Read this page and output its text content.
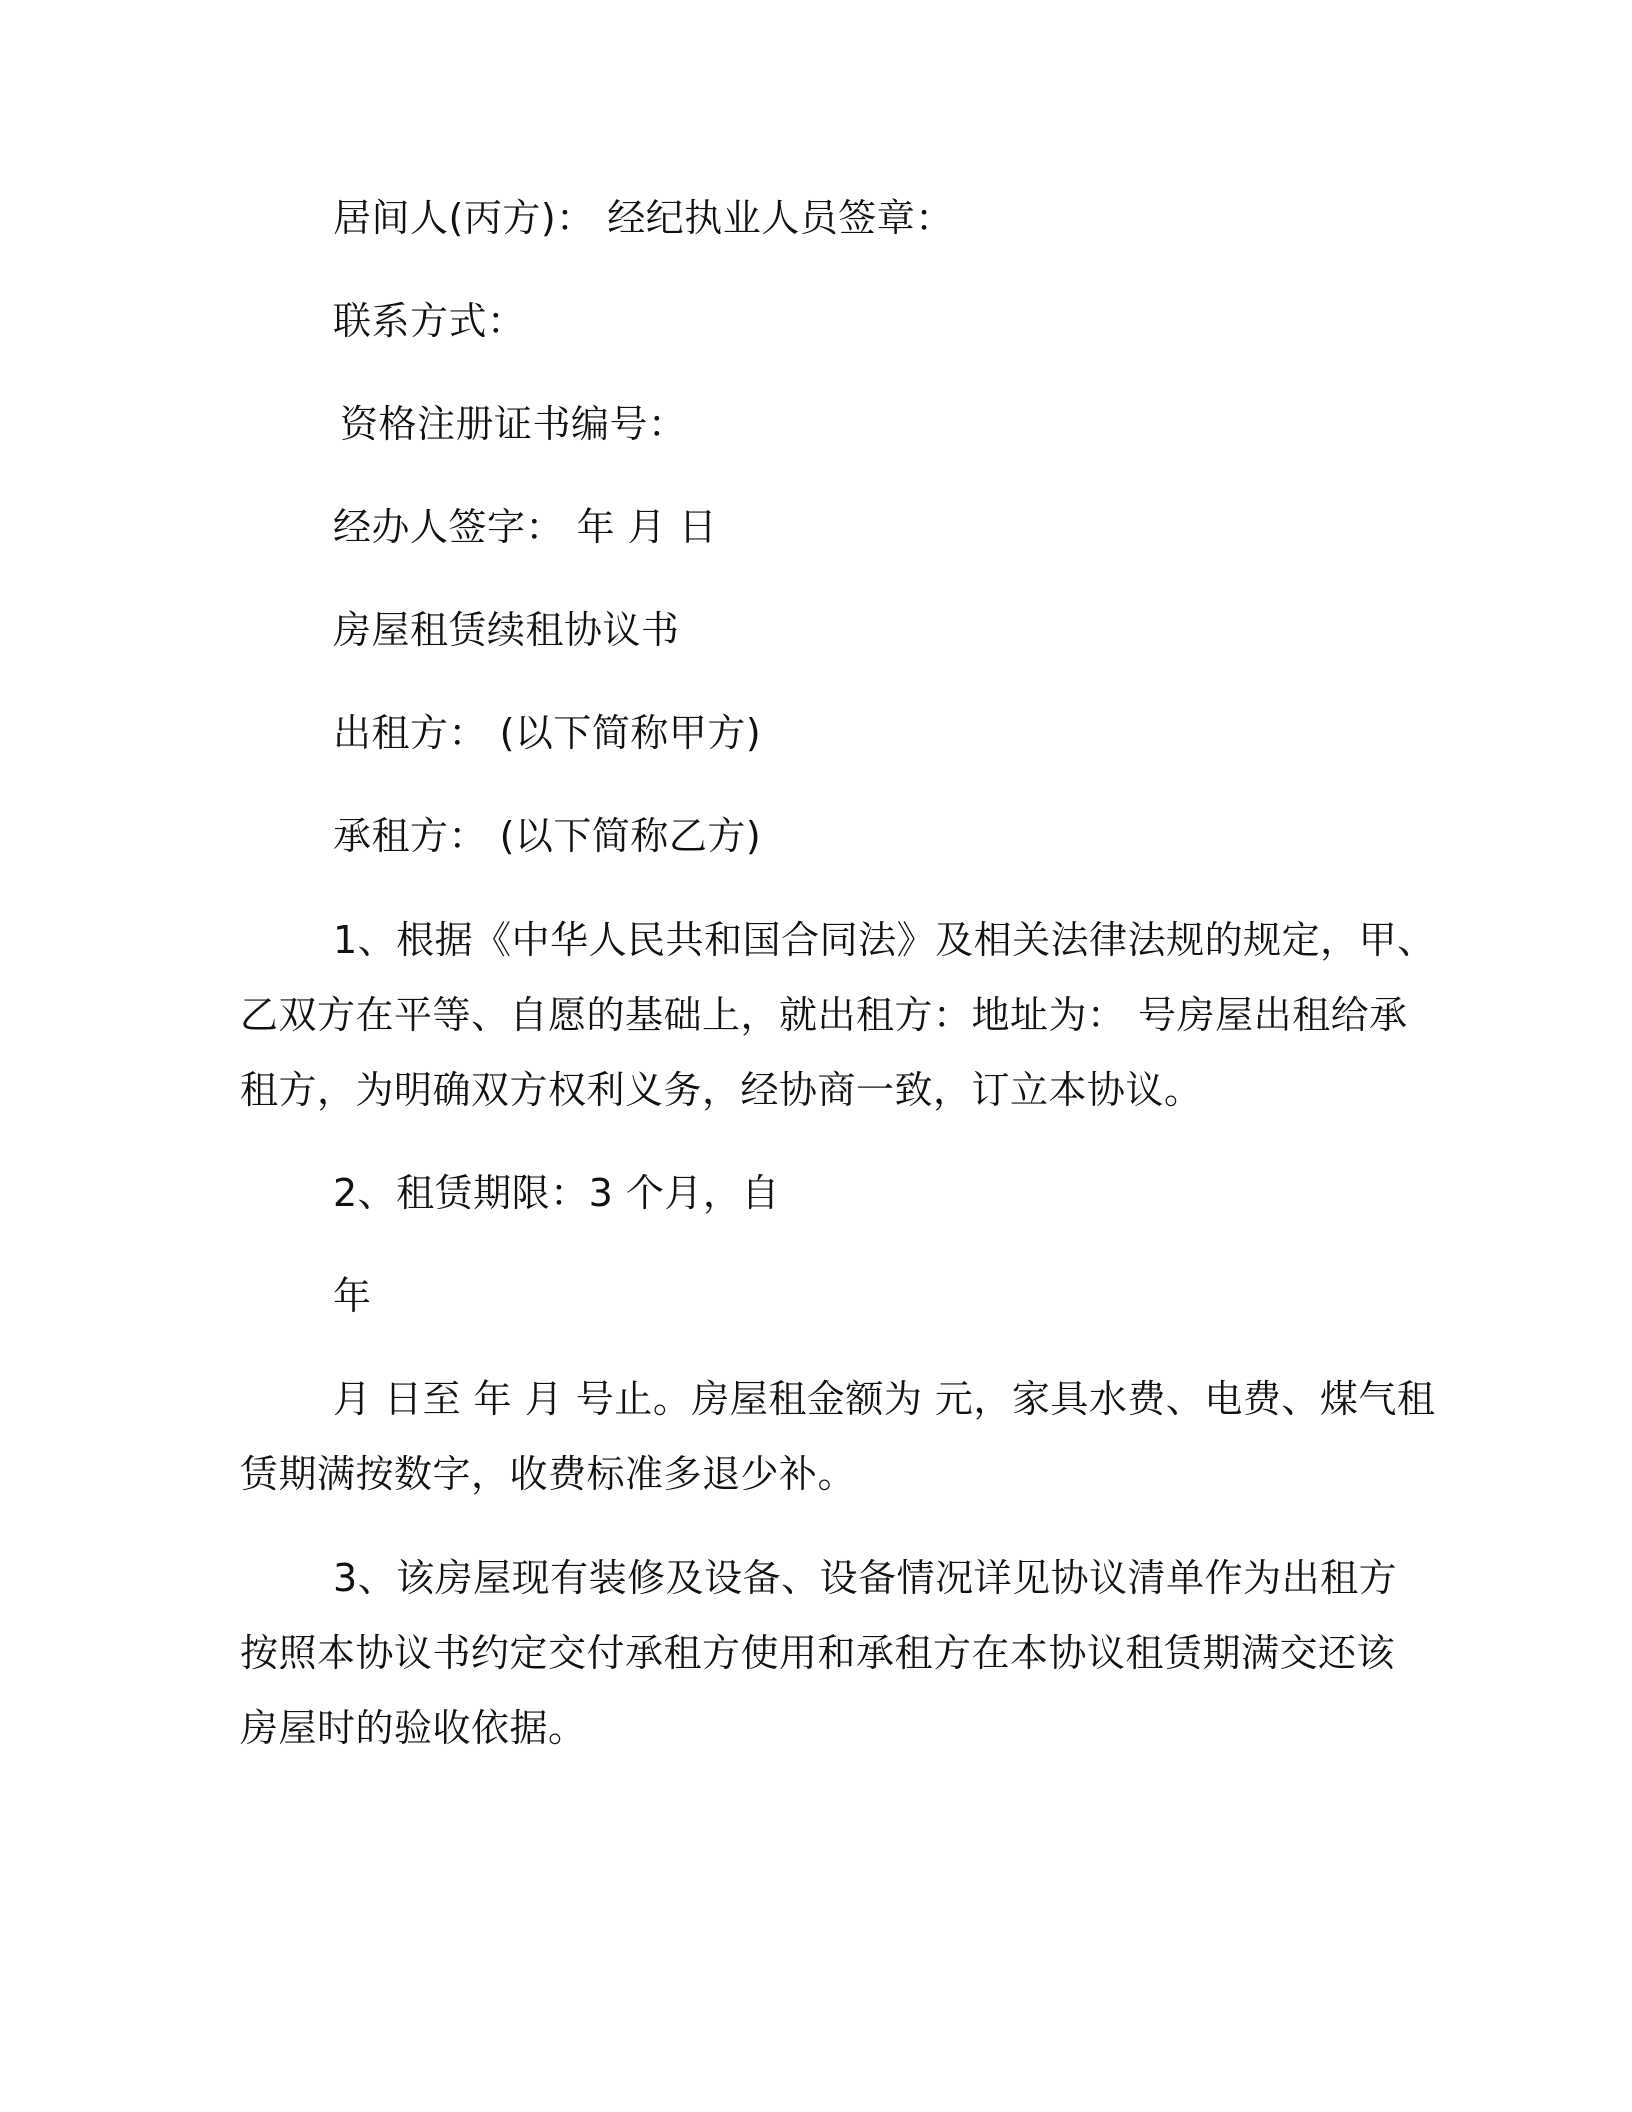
居间人(丙方)： 经纪执业人员签章：
联系方式：
资格注册证书编号：
经办人签字： 年 月 日
房屋租赁续租协议书
出租方： (以下简称甲方)
承租方： (以下简称乙方)
1、根据《中华人民共和国合同法》及相关法律法规的规定，甲、
乙双方在平等、自愿的基础上，就出租方：地址为： 号房屋出租给承
租方，为明确双方权利义务，经协商一致，订立本协议。
2、租赁期限：3 个月，自
年
月 日至 年 月 号止。房屋租金额为 元，家具水费、电费、煤气租
赁期满按数字，收费标准多退少补。
3、该房屋现有装修及设备、设备情况详见协议清单作为出租方
按照本协议书约定交付承租方使用和承租方在本协议租赁期满交还该
房屋时的验收依据。
